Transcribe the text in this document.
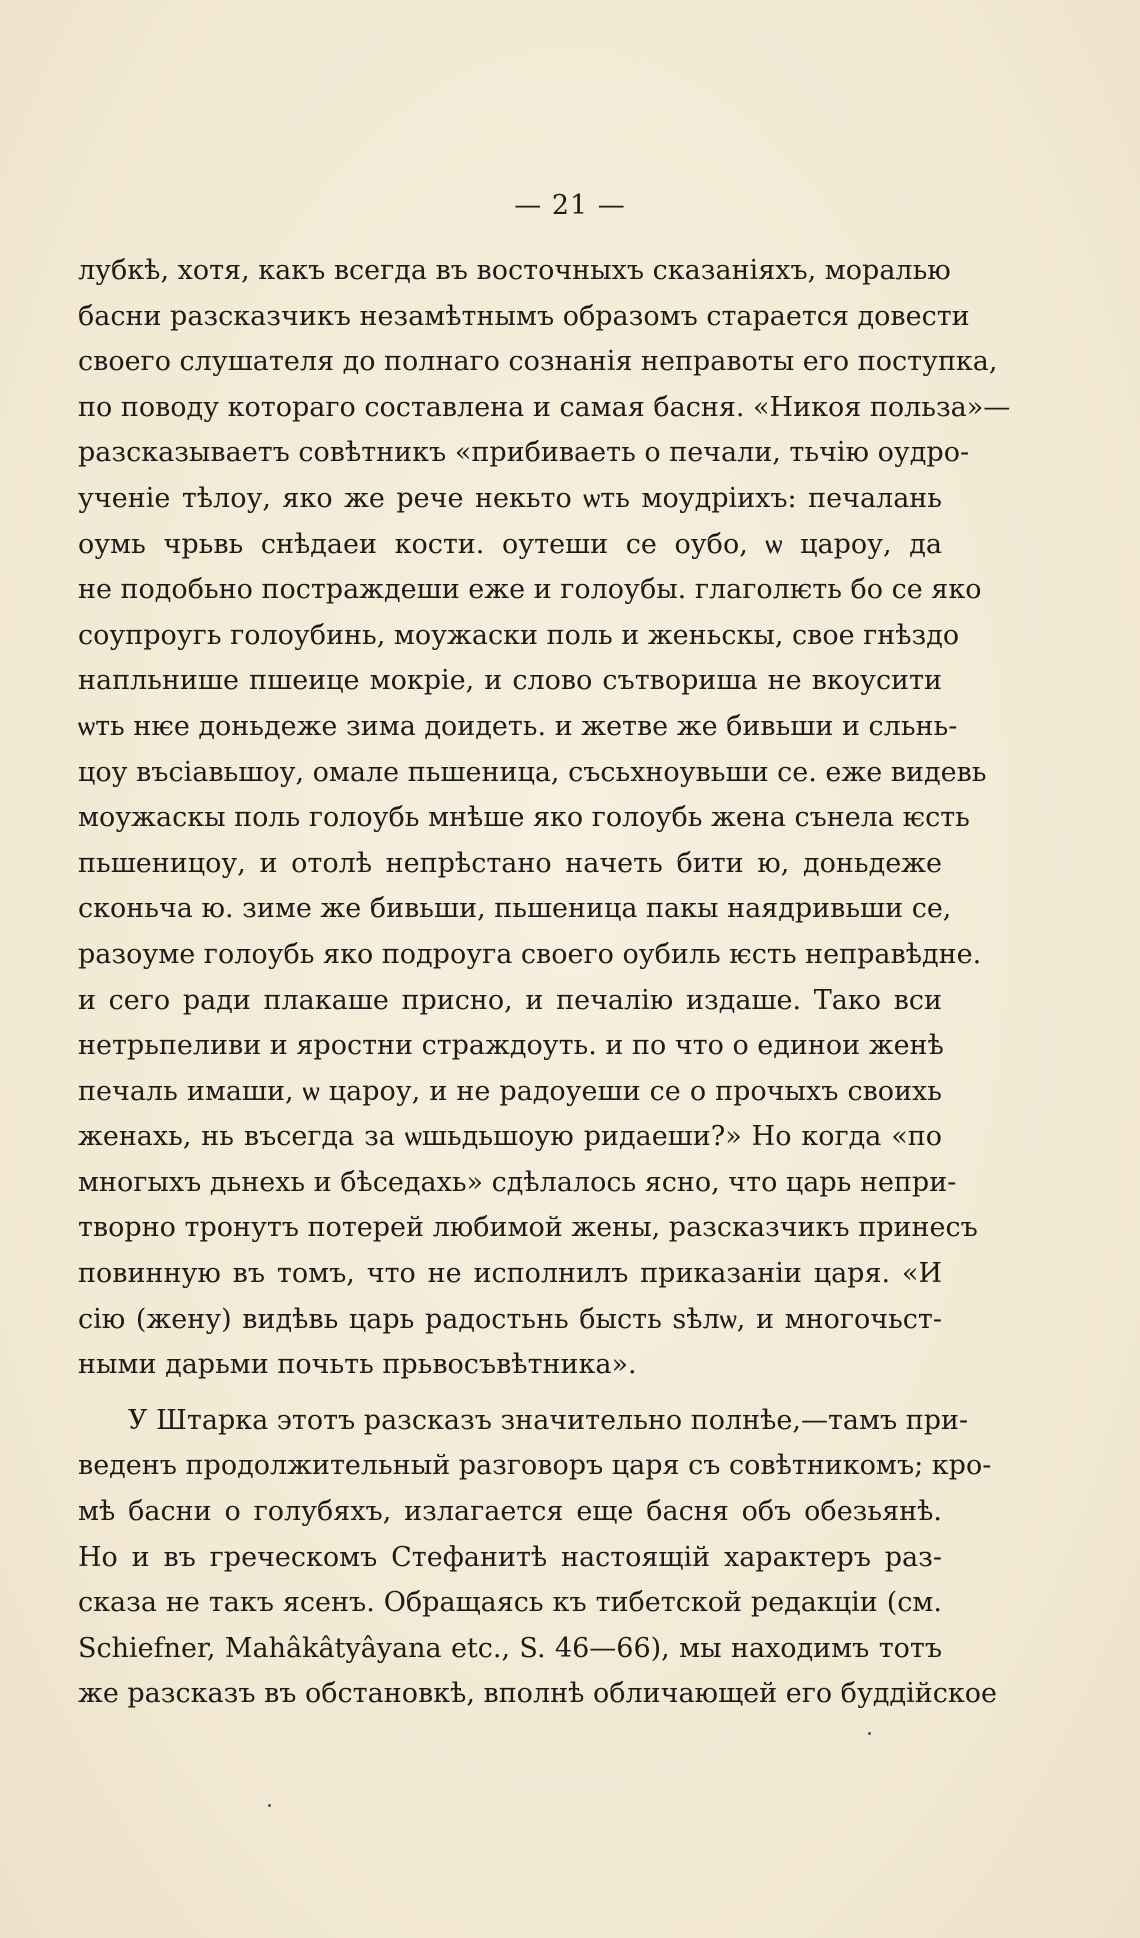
— 21 —
лубкѣ, хотя, какъ всегда въ восточныхъ сказаніяхъ, моралью
басни разсказчикъ незамѣтнымъ образомъ старается довести
своего слушателя до полнаго сознанія неправоты его поступка,
по поводу котораго составлена и самая басня. «Никоя польза»—
разсказываетъ совѣтникъ «прибиваеть о печали, тьчію оудро-
ученіе тѣлоу, яко же рече некьто ѡть моудріихъ: печалань
оумь чрьвь снѣдаеи кости. оутеши се оубо, ѡ цароу, да
не подобьно постраждеши еже и голоубы. глаголѥть бо се яко
соупроугь голоубинь, моужаски поль и женьскы, свое гнѣздо
напльнише пшеице мокріе, и слово сътвориша не вкоусити
ѡть нѥе доньдеже зима доидеть. и жетве же бивьши и сльнь-
цоу въсіавьшоу, омале пьшеница, съсьхноувьши се. еже видевь
моужаскы поль голоубь мнѣше яко голоубь жена сънела ѥсть
пьшеницоу, и отолѣ непрѣстано начеть бити ю, доньдеже
сконьча ю. зиме же бивьши, пьшеница пакы наядривьши се,
разоуме голоубь яко подроуга своего оубиль ѥсть неправѣдне.
и сего ради плакаше присно, и печалію издаше. Тако вси
нетрьпеливи и яростни страждоуть. и по что о единои женѣ
печаль имаши, ѡ цароу, и не радоуеши се о прочыхъ своихь
женахь, нь въсегда за ѡшьдьшоую ридаеши?» Но когда «по
многыхъ дьнехь и бѣседахь» сдѣлалось ясно, что царь непри-
творно тронутъ потерей любимой жены, разсказчикъ принесъ
повинную въ томъ, что не исполнилъ приказаніи царя. «И
сію (жену) видѣвь царь радостьнь бысть ѕѣлѡ, и многочьст-
ными дарьми почьть прьвосъвѣтника».
У Штарка этотъ разсказъ значительно полнѣе,—тамъ при-
веденъ продолжительный разговоръ царя съ совѣтникомъ; кро-
мѣ басни о голубяхъ, излагается еще басня объ обезьянѣ.
Но и въ греческомъ Стефанитѣ настоящій характеръ раз-
сказа не такъ ясенъ. Обращаясь къ тибетской редакціи (см.
Schiefner, Mahâkâtyâyana etc., S. 46—66), мы находимъ тотъ
же разсказъ въ обстановкѣ, вполнѣ обличающей его буддійское
